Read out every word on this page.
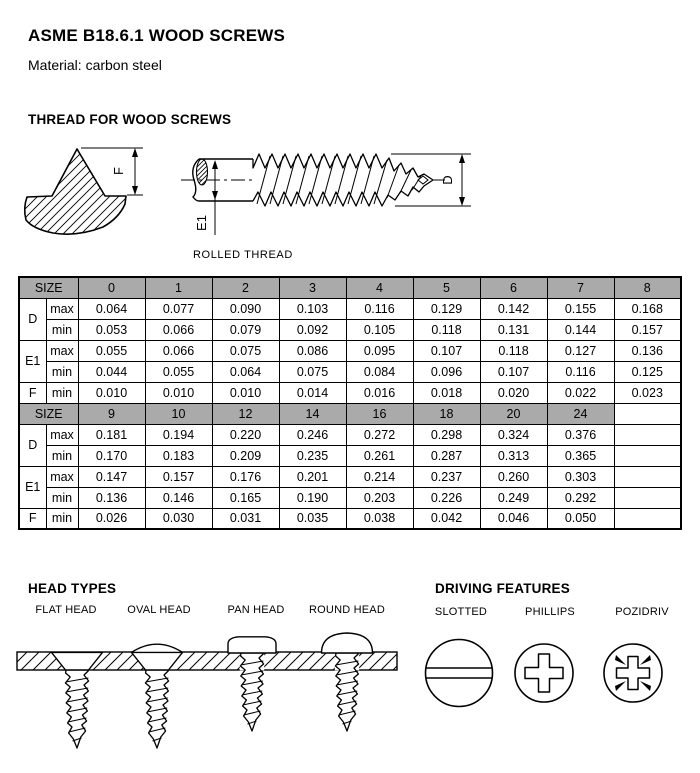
ASME B18.6.1 WOOD SCREWS
Material: carbon steel
THREAD FOR WOOD SCREWS
F
E1
D
ROLLED THREAD
SIZE		0	1	2	3	4	5	6	7	8
D	max	0.064	0.077	0.090	0.103	0.116	0.129	0.142	0.155	0.168
	min	0.053	0.066	0.079	0.092	0.105	0.118	0.131	0.144	0.157
E1	max	0.055	0.066	0.075	0.086	0.095	0.107	0.118	0.127	0.136
	min	0.044	0.055	0.064	0.075	0.084	0.096	0.107	0.116	0.125
F	min	0.010	0.010	0.010	0.014	0.016	0.018	0.020	0.022	0.023
SIZE		9	10	12	14	16	18	20	24	
D	max	0.181	0.194	0.220	0.246	0.272	0.298	0.324	0.376	
	min	0.170	0.183	0.209	0.235	0.261	0.287	0.313	0.365	
E1	max	0.147	0.157	0.176	0.201	0.214	0.237	0.260	0.303	
	min	0.136	0.146	0.165	0.190	0.203	0.226	0.249	0.292	
F	min	0.026	0.030	0.031	0.035	0.038	0.042	0.046	0.050	
HEAD TYPES	DRIVING FEATURES
FLAT HEAD	OVAL HEAD	PAN HEAD ROUND HEAD	SLOTTED	PHILLIPS	POZIDRIV
